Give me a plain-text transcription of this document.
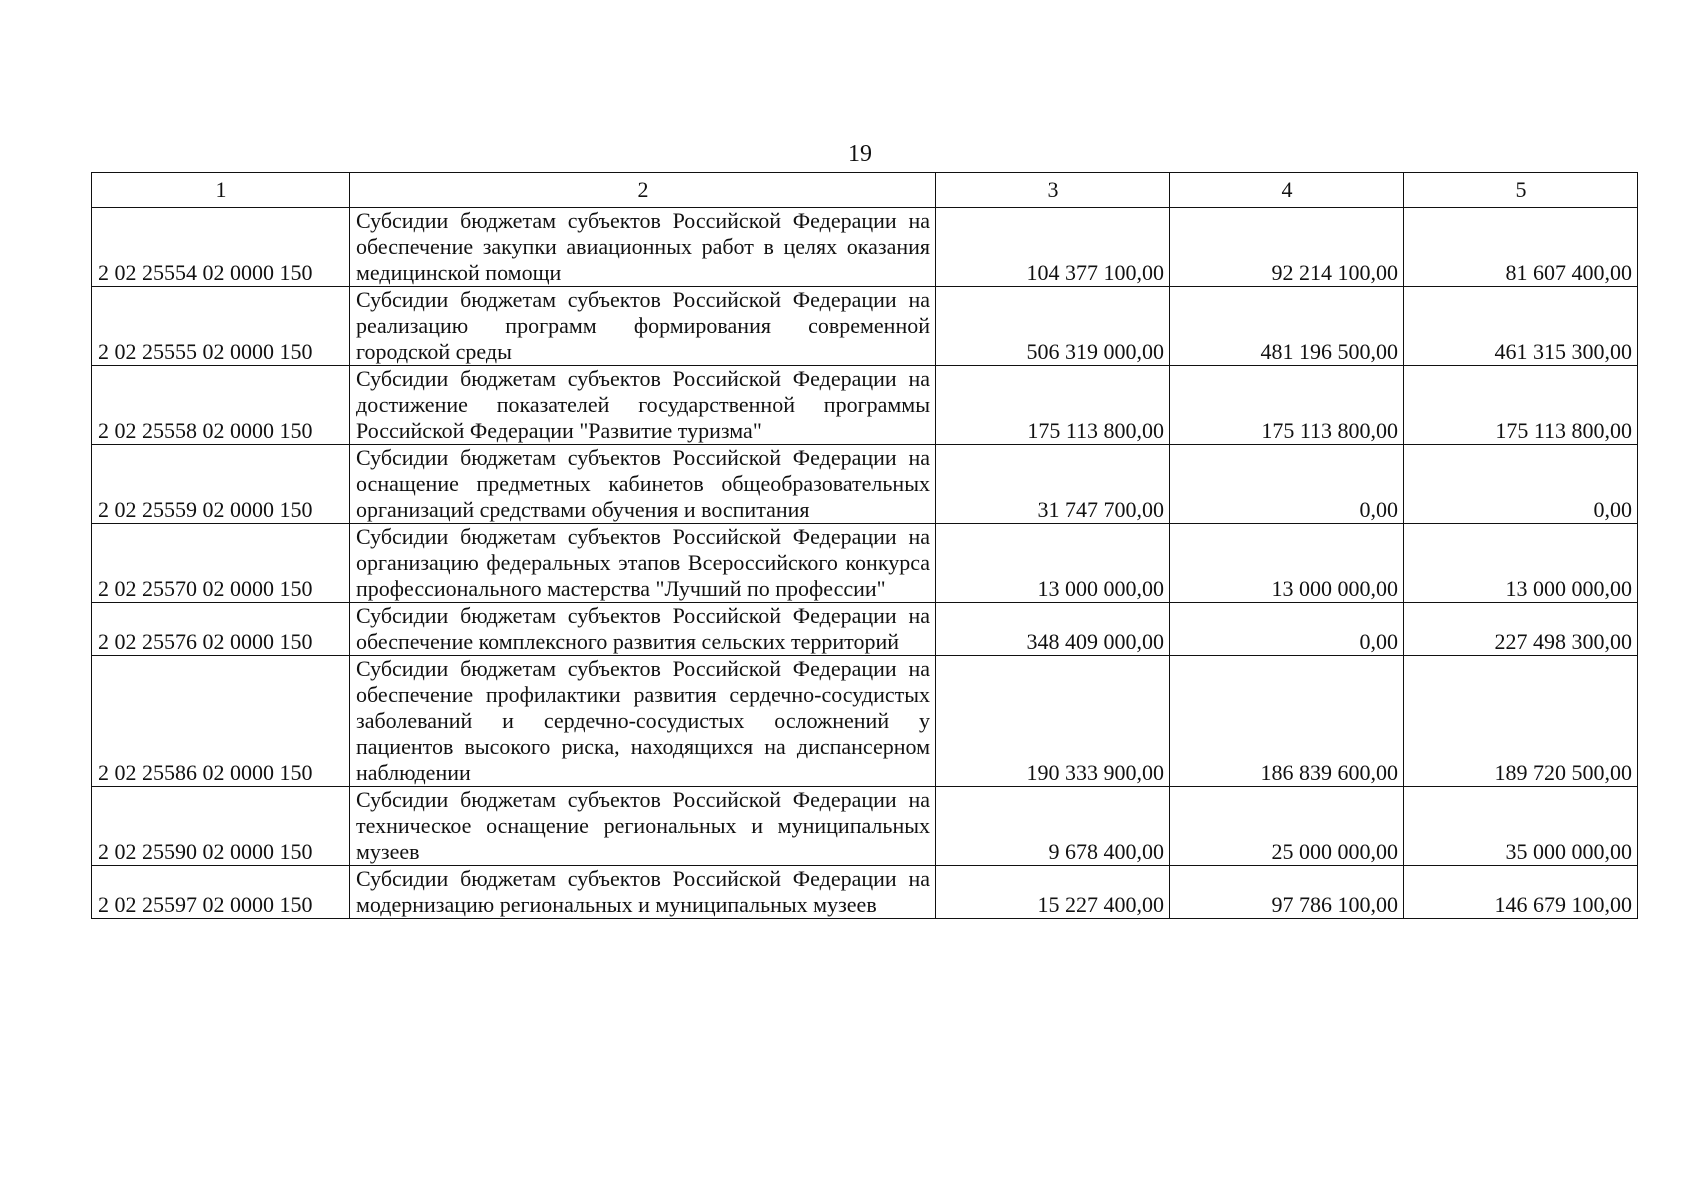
19
1	2	3	4	5
2 02 25554 02 0000 150	Субсидии бюджетам субъектов Российской Федерации на обеспечение закупки авиационных работ в целях оказания медицинской помощи	104 377 100,00	92 214 100,00	81 607 400,00
2 02 25555 02 0000 150	Субсидии бюджетам субъектов Российской Федерации на реализацию программ формирования современной городской среды	506 319 000,00	481 196 500,00	461 315 300,00
2 02 25558 02 0000 150	Субсидии бюджетам субъектов Российской Федерации на достижение показателей государственной программы Российской Федерации "Развитие туризма"	175 113 800,00	175 113 800,00	175 113 800,00
2 02 25559 02 0000 150	Субсидии бюджетам субъектов Российской Федерации на оснащение предметных кабинетов общеобразовательных организаций средствами обучения и воспитания	31 747 700,00	0,00	0,00
2 02 25570 02 0000 150	Субсидии бюджетам субъектов Российской Федерации на организацию федеральных этапов Всероссийского конкурса профессионального мастерства "Лучший по профессии"	13 000 000,00	13 000 000,00	13 000 000,00
2 02 25576 02 0000 150	Субсидии бюджетам субъектов Российской Федерации на обеспечение комплексного развития сельских территорий	348 409 000,00	0,00	227 498 300,00
2 02 25586 02 0000 150	Субсидии бюджетам субъектов Российской Федерации на обеспечение профилактики развития сердечно-сосудистых заболеваний и сердечно-сосудистых осложнений у пациентов высокого риска, находящихся на диспансерном наблюдении	190 333 900,00	186 839 600,00	189 720 500,00
2 02 25590 02 0000 150	Субсидии бюджетам субъектов Российской Федерации на техническое оснащение региональных и муниципальных музеев	9 678 400,00	25 000 000,00	35 000 000,00
2 02 25597 02 0000 150	Субсидии бюджетам субъектов Российской Федерации на модернизацию региональных и муниципальных музеев	15 227 400,00	97 786 100,00	146 679 100,00
